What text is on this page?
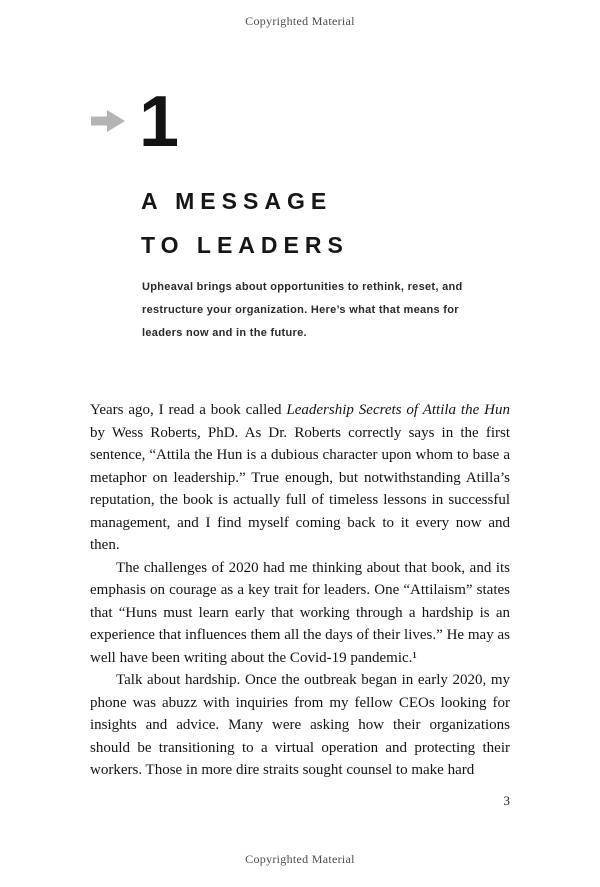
Copyrighted Material
1
A MESSAGE
TO LEADERS
Upheaval brings about opportunities to rethink, reset, and
restructure your organization. Here’s what that means for
leaders now and in the future.

Years ago, I read a book called Leadership Secrets of Attila the Hun by Wess Roberts, PhD. As Dr. Roberts correctly says in the first sentence, “Attila the Hun is a dubious character upon whom to base a metaphor on leadership.” True enough, but notwithstanding Atilla’s reputation, the book is actually full of timeless lessons in successful management, and I find myself coming back to it every now and then.

The challenges of 2020 had me thinking about that book, and its emphasis on courage as a key trait for leaders. One “Attilaism” states that “Huns must learn early that working through a hardship is an experience that influences them all the days of their lives.” He may as well have been writing about the Covid-19 pandemic.¹

Talk about hardship. Once the outbreak began in early 2020, my phone was abuzz with inquiries from my fellow CEOs looking for insights and advice. Many were asking how their organizations should be transitioning to a virtual operation and protecting their workers. Those in more dire straits sought counsel to make hard

3
Copyrighted Material
